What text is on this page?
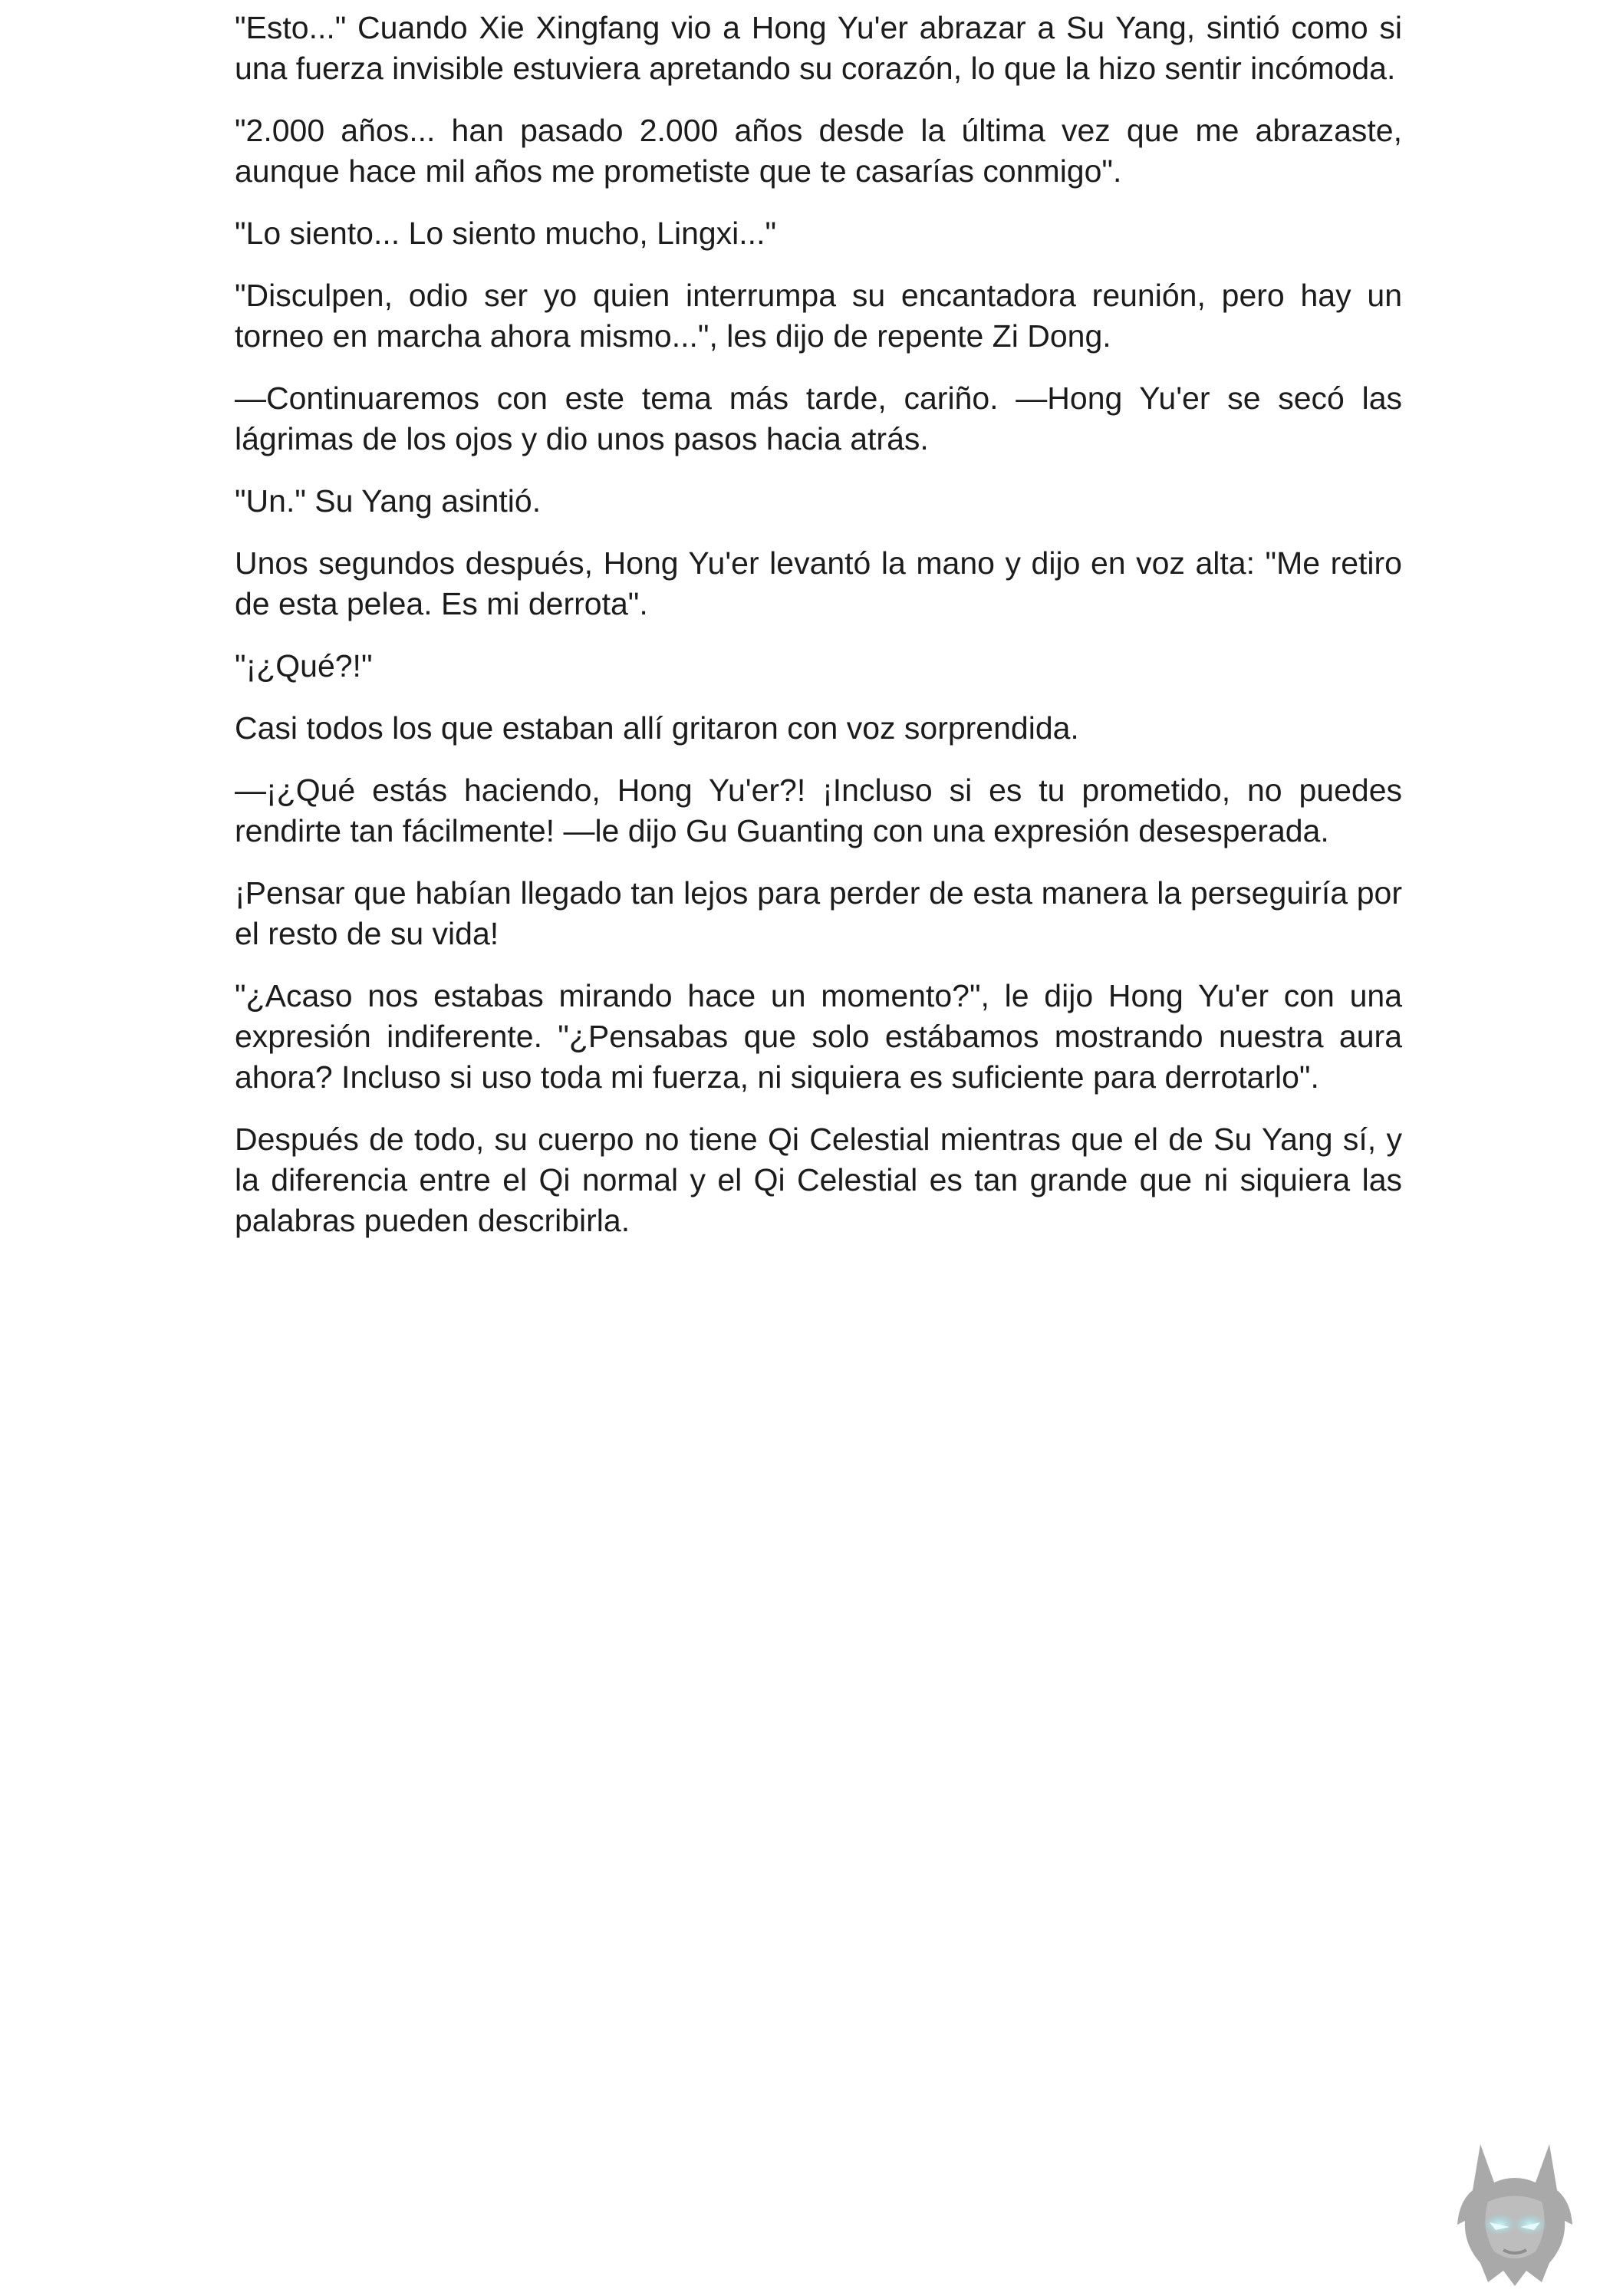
"Esto..." Cuando Xie Xingfang vio a Hong Yu'er abrazar a Su Yang, sintió como si una fuerza invisible estuviera apretando su corazón, lo que la hizo sentir incómoda.

"2.000 años... han pasado 2.000 años desde la última vez que me abrazaste, aunque hace mil años me prometiste que te casarías conmigo".

"Lo siento... Lo siento mucho, Lingxi..."

"Disculpen, odio ser yo quien interrumpa su encantadora reunión, pero hay un torneo en marcha ahora mismo...", les dijo de repente Zi Dong.

—Continuaremos con este tema más tarde, cariño. —Hong Yu'er se secó las lágrimas de los ojos y dio unos pasos hacia atrás.

"Un." Su Yang asintió.

Unos segundos después, Hong Yu'er levantó la mano y dijo en voz alta: "Me retiro de esta pelea. Es mi derrota".

"¡¿Qué?!"

Casi todos los que estaban allí gritaron con voz sorprendida.

—¡¿Qué estás haciendo, Hong Yu'er?! ¡Incluso si es tu prometido, no puedes rendirte tan fácilmente! —le dijo Gu Guanting con una expresión desesperada.

¡Pensar que habían llegado tan lejos para perder de esta manera la perseguiría por el resto de su vida!

"¿Acaso nos estabas mirando hace un momento?", le dijo Hong Yu'er con una expresión indiferente. "¿Pensabas que solo estábamos mostrando nuestra aura ahora? Incluso si uso toda mi fuerza, ni siquiera es suficiente para derrotarlo".

Después de todo, su cuerpo no tiene Qi Celestial mientras que el de Su Yang sí, y la diferencia entre el Qi normal y el Qi Celestial es tan grande que ni siquiera las palabras pueden describirla.
